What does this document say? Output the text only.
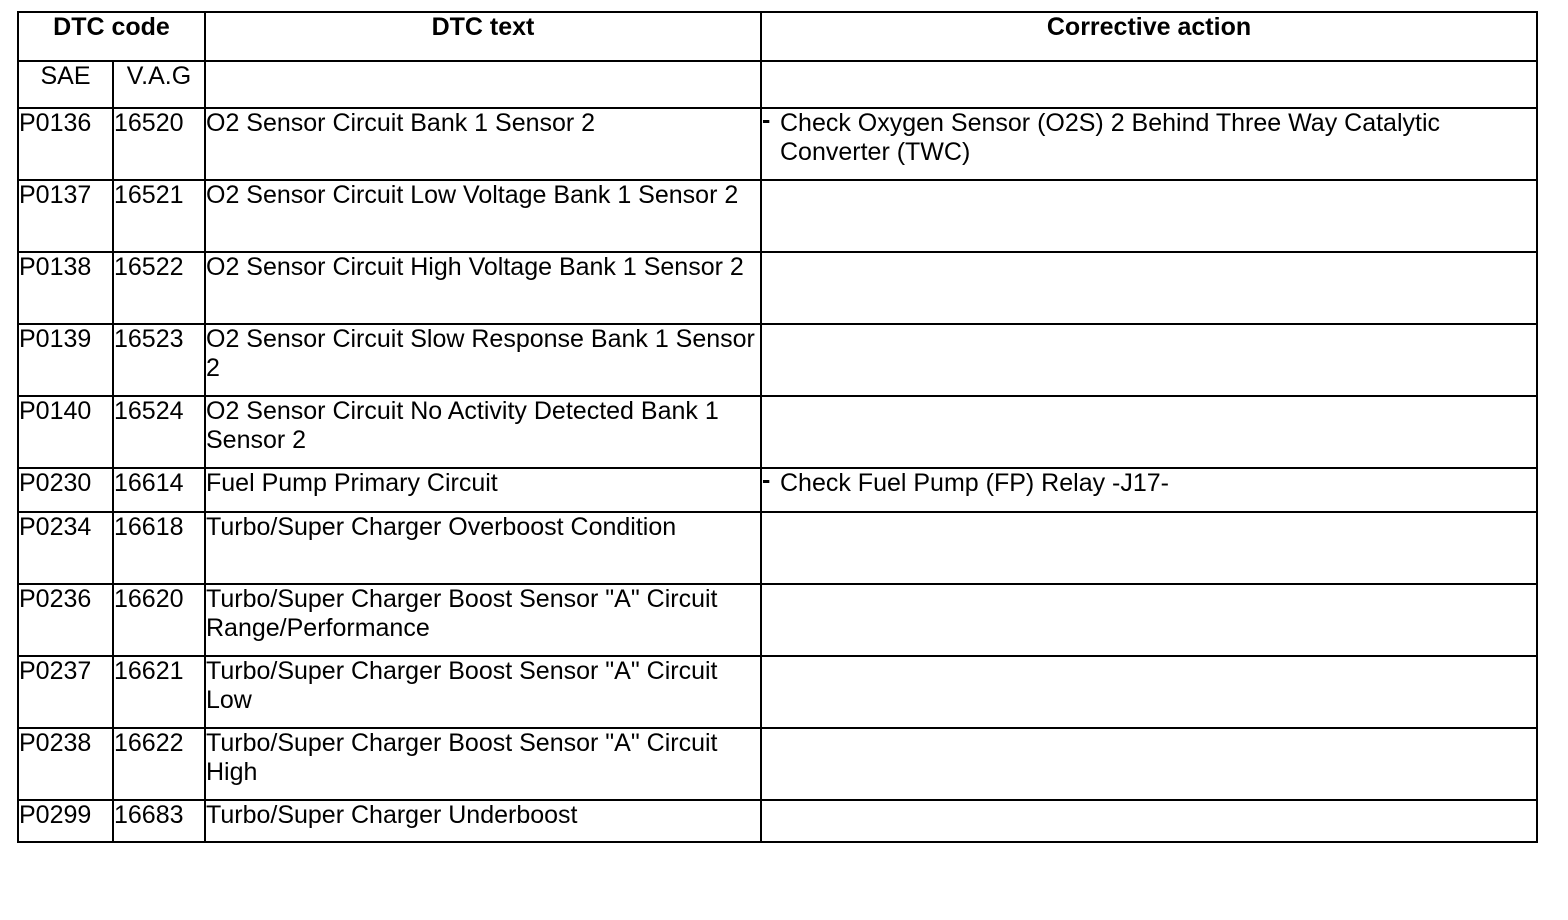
DTC code		DTC text	Corrective action
SAE	V.A.G		
P0136	16520	O2 Sensor Circuit Bank 1 Sensor 2	- Check Oxygen Sensor (O2S) 2 Behind Three Way Catalytic Converter (TWC)

P0137	16521	O2 Sensor Circuit Low Voltage Bank 1 Sensor 2	
P0138	16522	O2 Sensor Circuit High Voltage Bank 1 Sensor 2	
P0139	16523	O2 Sensor Circuit Slow Response Bank 1 Sensor 2	
P0140	16524	O2 Sensor Circuit No Activity Detected Bank 1 Sensor 2	
P0230	16614	Fuel Pump Primary Circuit	- Check Fuel Pump (FP) Relay -J17-

P0234	16618	Turbo/Super Charger Overboost Condition	
P0236	16620	Turbo/Super Charger Boost Sensor "A" Circuit Range/Performance	
P0237	16621	Turbo/Super Charger Boost Sensor "A" Circuit Low	
P0238	16622	Turbo/Super Charger Boost Sensor "A" Circuit High	
P0299	16683	Turbo/Super Charger Underboost	
